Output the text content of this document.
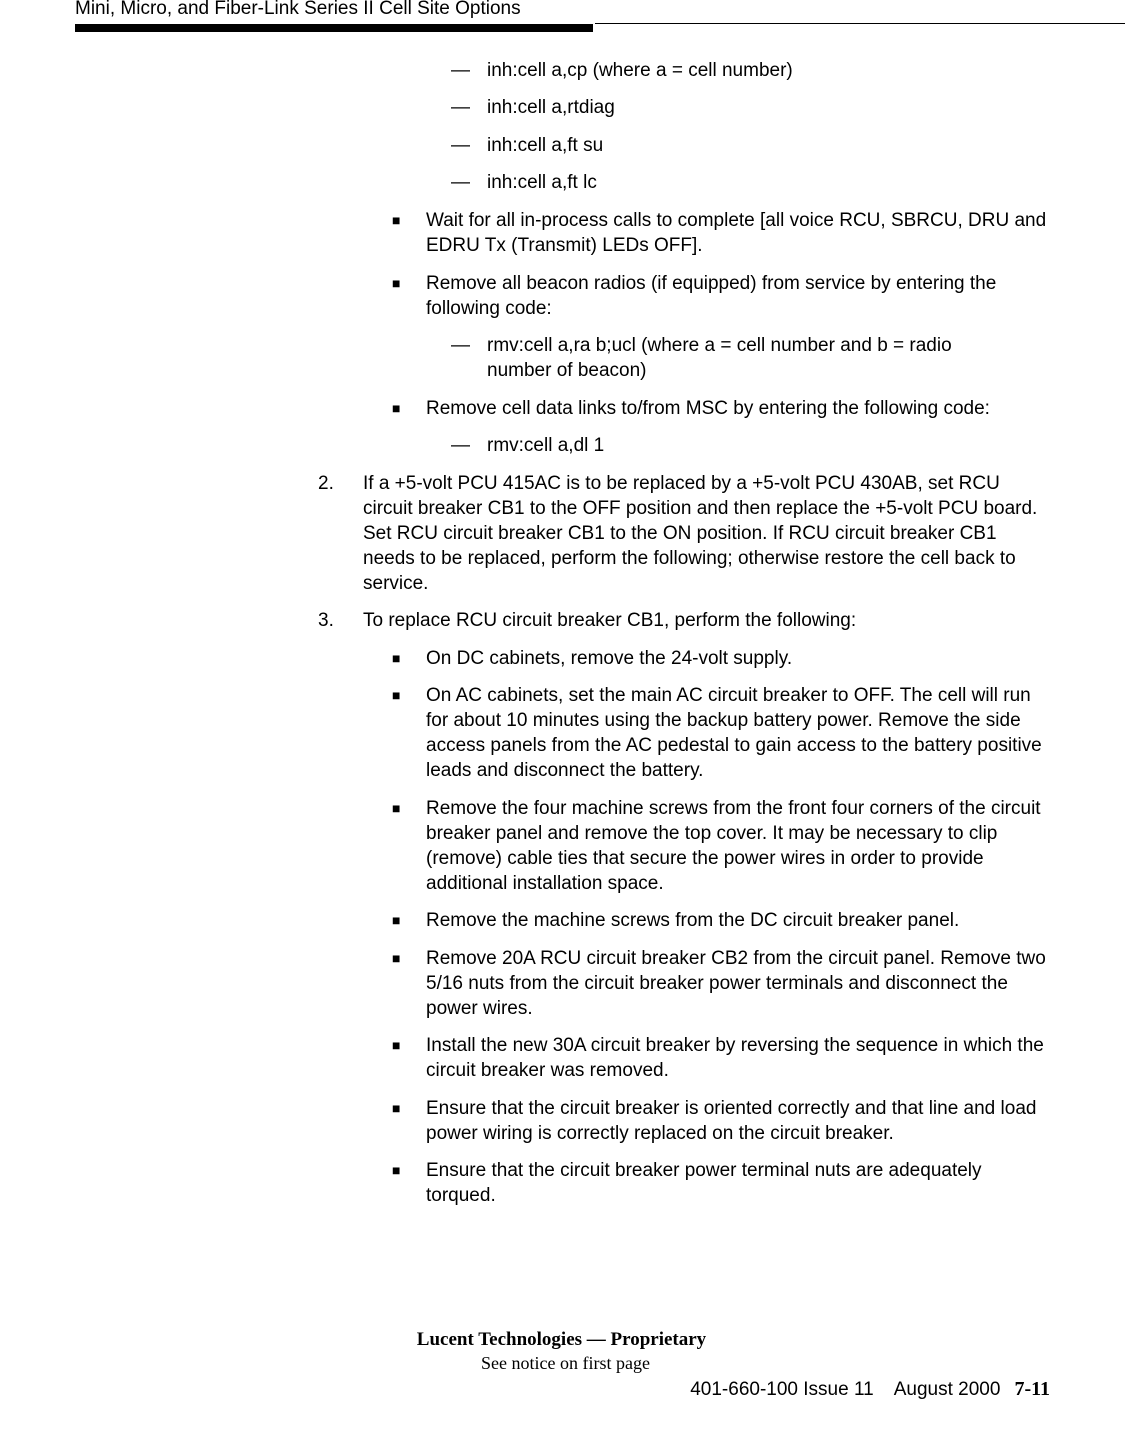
Mini, Micro, and Fiber-Link Series II Cell Site Options
— inh:cell a,cp (where a = cell number)
— inh:cell a,rtdiag
— inh:cell a,ft su
— inh:cell a,ft lc
■ Wait for all in-process calls to complete [all voice RCU, SBRCU, DRU and EDRU Tx (Transmit) LEDs OFF].
■ Remove all beacon radios (if equipped) from service by entering the following code:
— rmv:cell a,ra b;ucl (where a = cell number and b = radio number of beacon)
■ Remove cell data links to/from MSC by entering the following code:
— rmv:cell a,dl 1
2. If a +5-volt PCU 415AC is to be replaced by a +5-volt PCU 430AB, set RCU circuit breaker CB1 to the OFF position and then replace the +5-volt PCU board. Set RCU circuit breaker CB1 to the ON position. If RCU circuit breaker CB1 needs to be replaced, perform the following; otherwise restore the cell back to service.
3. To replace RCU circuit breaker CB1, perform the following:
■ On DC cabinets, remove the 24-volt supply.
■ On AC cabinets, set the main AC circuit breaker to OFF. The cell will run for about 10 minutes using the backup battery power. Remove the side access panels from the AC pedestal to gain access to the battery positive leads and disconnect the battery.
■ Remove the four machine screws from the front four corners of the circuit breaker panel and remove the top cover. It may be necessary to clip (remove) cable ties that secure the power wires in order to provide additional installation space.
■ Remove the machine screws from the DC circuit breaker panel.
■ Remove 20A RCU circuit breaker CB2 from the circuit panel. Remove two 5/16 nuts from the circuit breaker power terminals and disconnect the power wires.
■ Install the new 30A circuit breaker by reversing the sequence in which the circuit breaker was removed.
■ Ensure that the circuit breaker is oriented correctly and that line and load power wiring is correctly replaced on the circuit breaker.
■ Ensure that the circuit breaker power terminal nuts are adequately torqued.
Lucent Technologies — Proprietary
See notice on first page
401-660-100 Issue 11    August 2000 7-11
